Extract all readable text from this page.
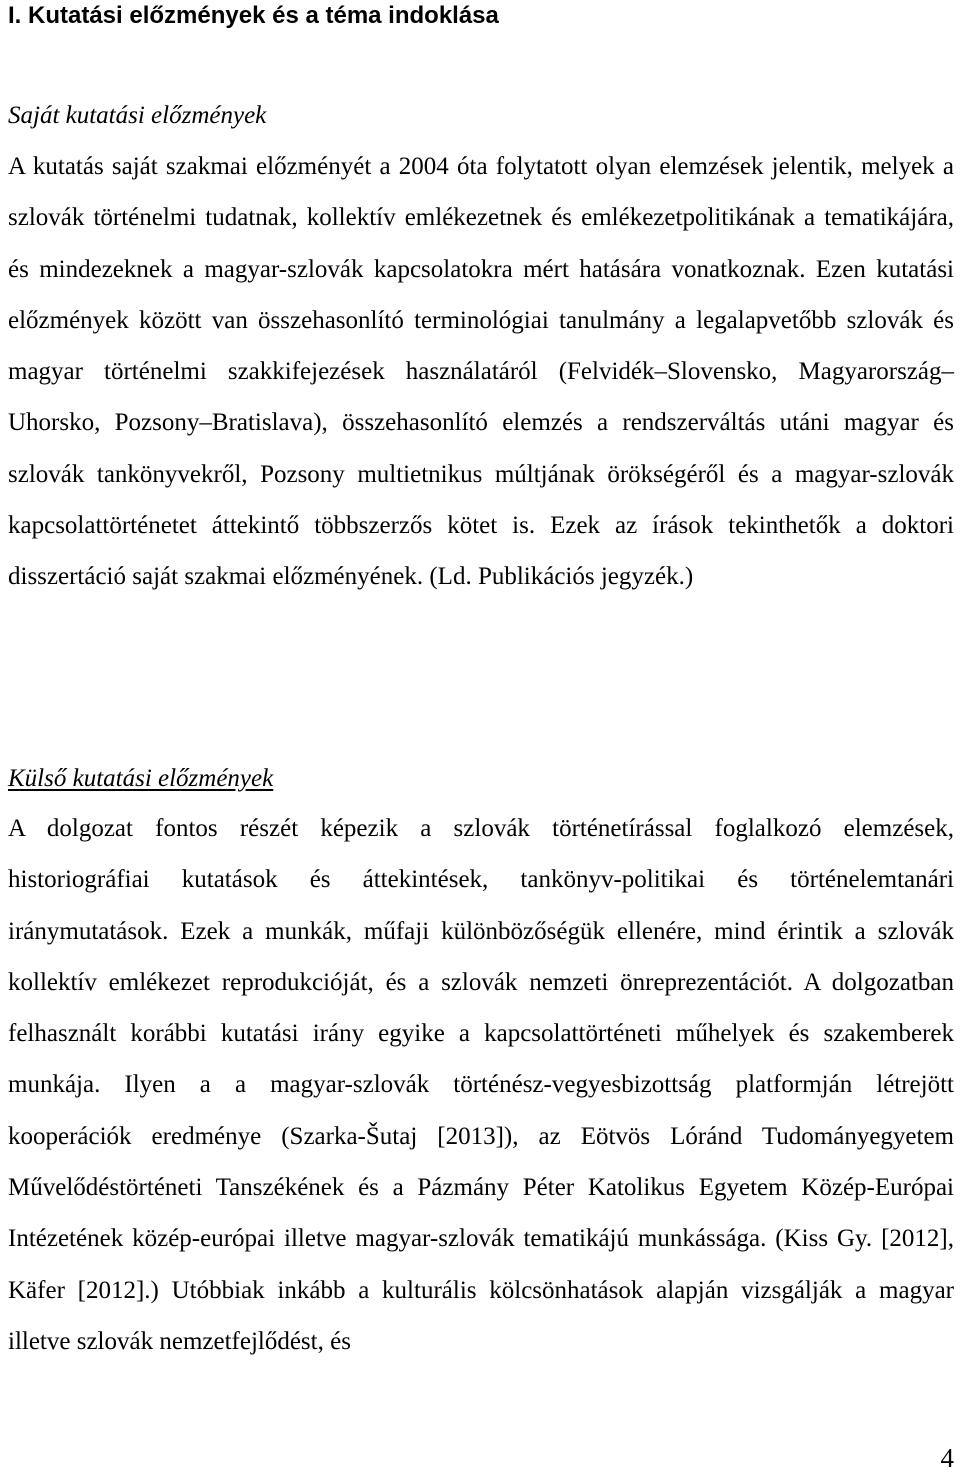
I. Kutatási előzmények és a téma indoklása
Saját kutatási előzmények

A kutatás saját szakmai előzményét a 2004 óta folytatott olyan elemzések jelentik, melyek a szlovák történelmi tudatnak, kollektív emlékezetnek és emlékezetpolitikának a tematikájára, és mindezeknek a magyar-szlovák kapcsolatokra mért hatására vonatkoznak. Ezen kutatási előzmények között van összehasonlító terminológiai tanulmány a legalapvetőbb szlovák és magyar történelmi szakkifejezések használatáról (Felvidék–Slovensko, Magyarország–Uhorsko, Pozsony–Bratislava), összehasonlító elemzés a rendszerváltás utáni magyar és szlovák tankönyvekről, Pozsony multietnikus múltjának örökségéről és a magyar-szlovák kapcsolattörténetet áttekintő többszerzős kötet is. Ezek az írások tekinthetők a doktori disszertáció saját szakmai előzményének. (Ld. Publikációs jegyzék.)

Külső kutatási előzmények

A dolgozat fontos részét képezik a szlovák történetírással foglalkozó elemzések, historiográfiai kutatások és áttekintések, tankönyv-politikai és történelemtanári iránymutatások. Ezek a munkák, műfaji különbözőségük ellenére, mind érintik a szlovák kollektív emlékezet reprodukcióját, és a szlovák nemzeti önreprezentációt. A dolgozatban felhasznált korábbi kutatási irány egyike a kapcsolattörténeti műhelyek és szakemberek munkája. Ilyen a a magyar-szlovák történész-vegyesbizottság platformján létrejött kooperációk eredménye (Szarka-Šutaj [2013]), az Eötvös Lóránd Tudományegyetem Művelődéstörténeti Tanszékének és a Pázmány Péter Katolikus Egyetem Közép-Európai Intézetének közép-európai illetve magyar-szlovák tematikájú munkássága. (Kiss Gy. [2012], Käfer [2012].) Utóbbiak inkább a kulturális kölcsönhatások alapján vizsgálják a magyar illetve szlovák nemzetfejlődést, és

4
